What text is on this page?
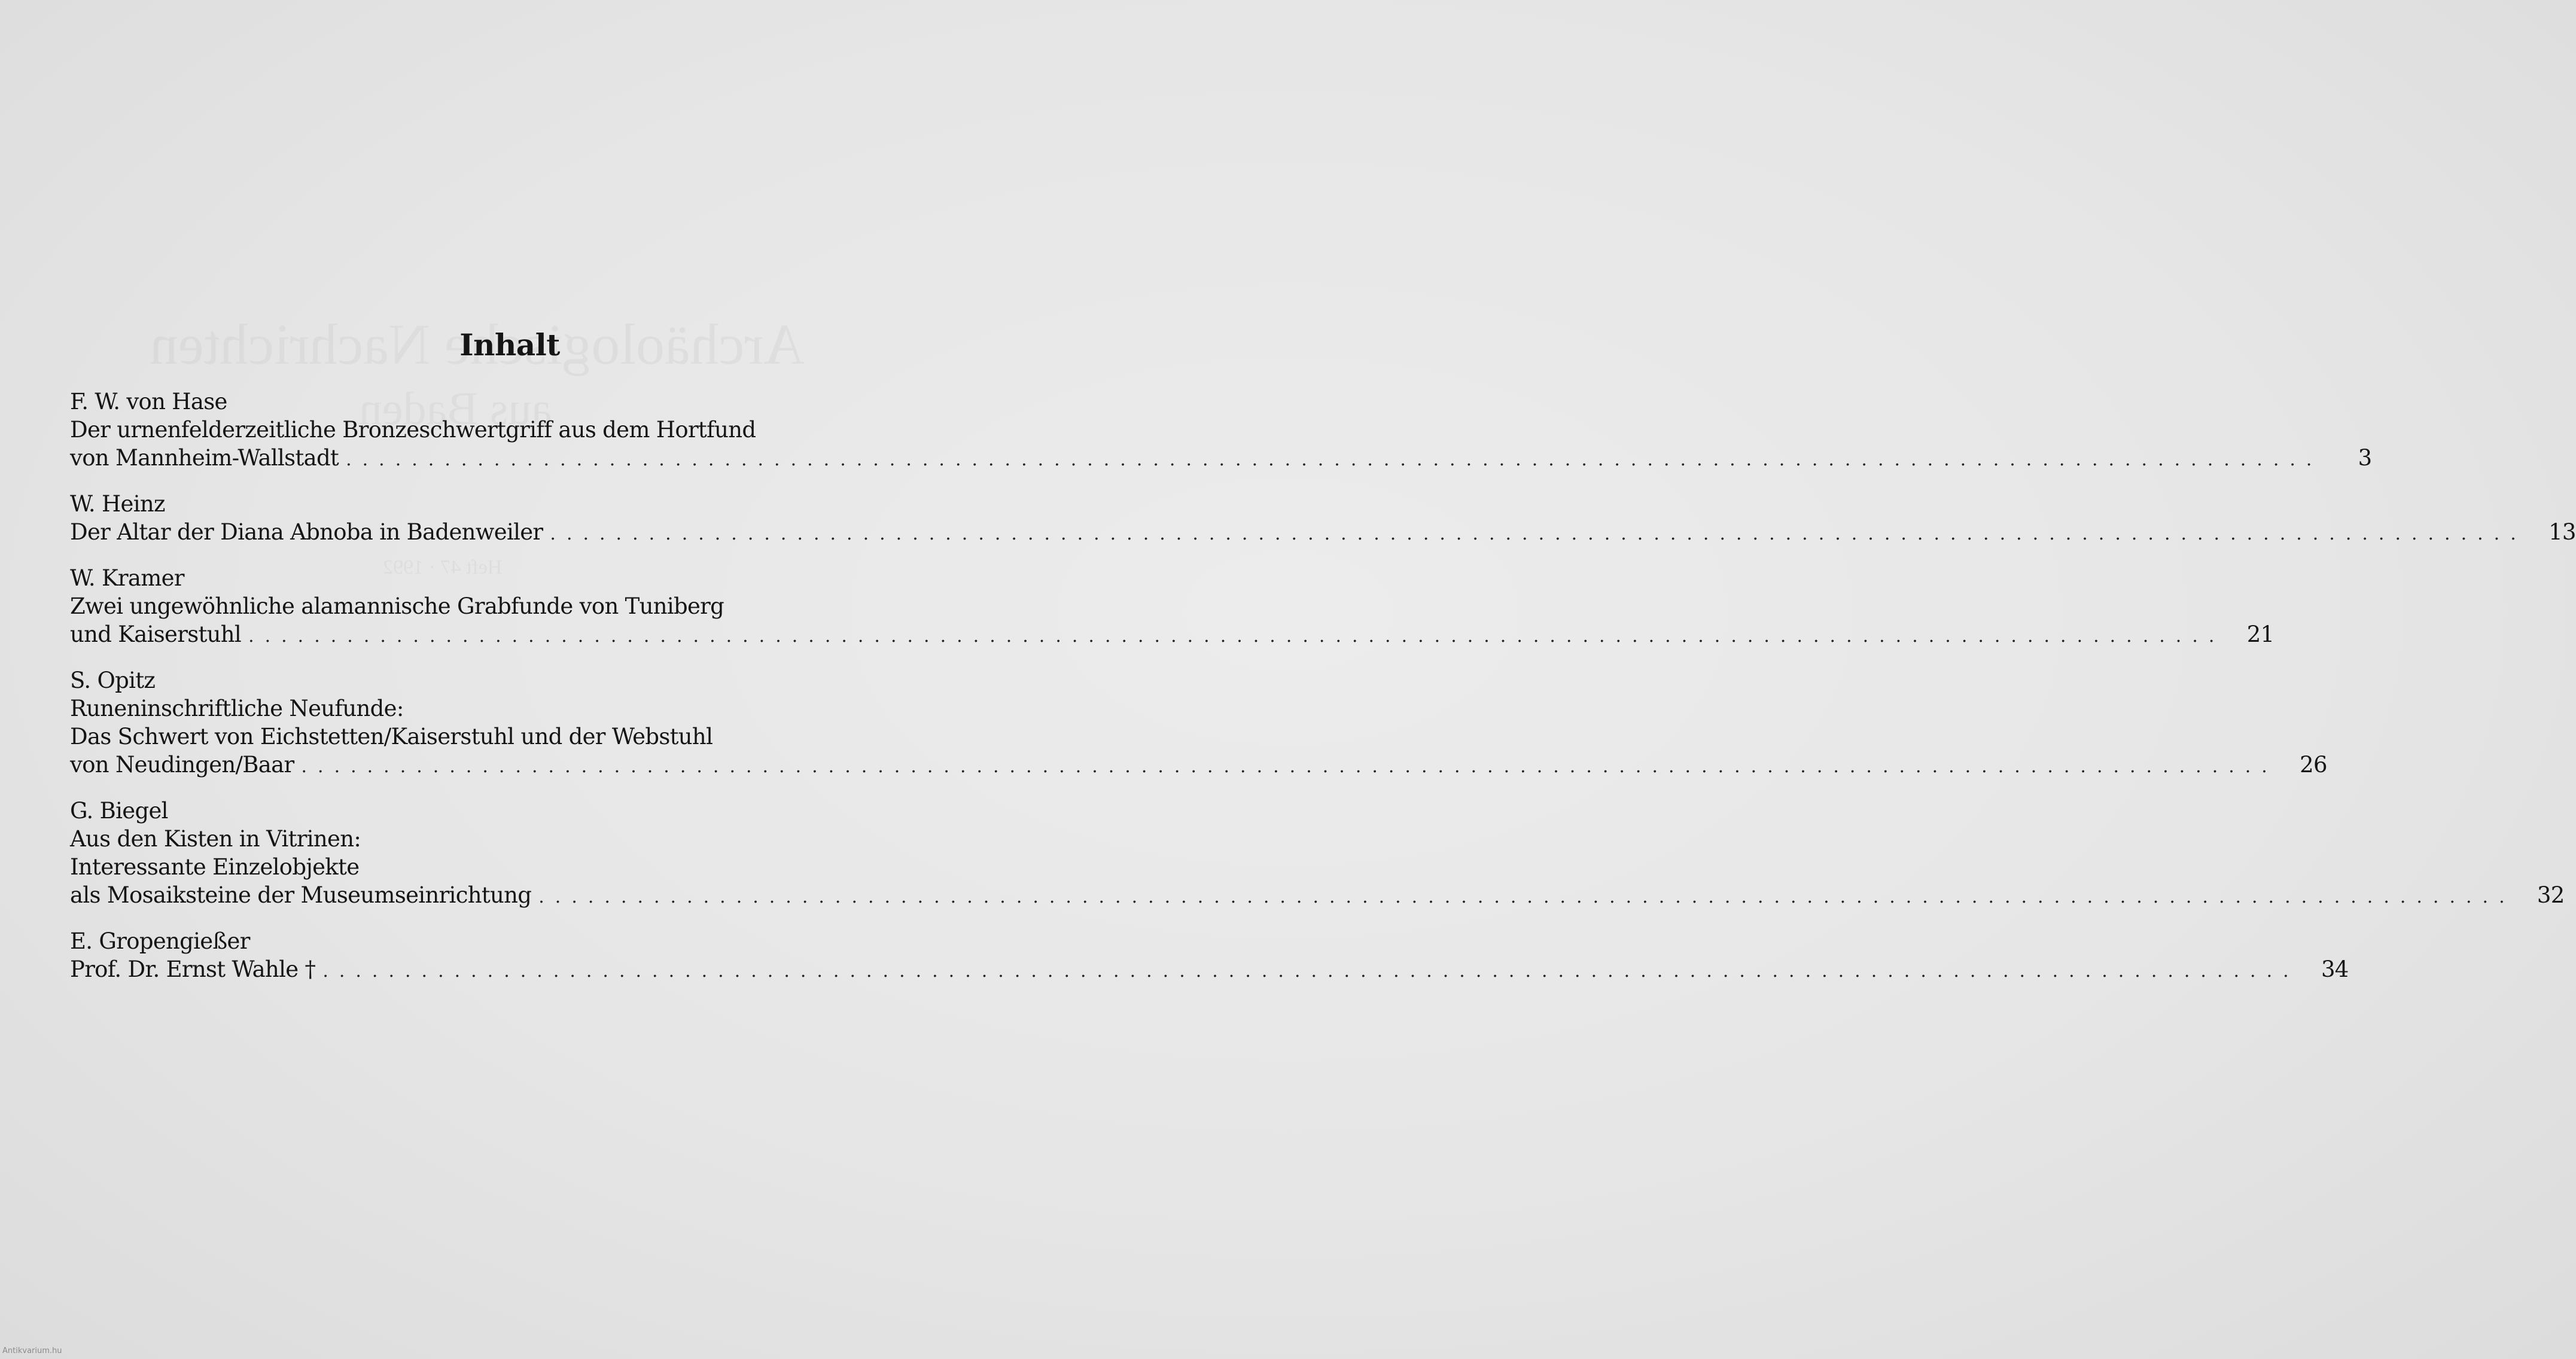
Inhalt
F. W. von Hase
Der urnenfelderzeitliche Bronzeschwertgriff aus dem Hortfund
von Mannheim-Wallstadt ........................................................................................................................	3
W. Heinz
Der Altar der Diana Abnoba in Badenweiler ........................................................................................................................ 13
W. Kramer
Zwei ungewöhnliche alamannische Grabfunde von Tuniberg
und Kaiserstuhl ........................................................................................................................ 21
S. Opitz
Runeninschriftliche Neufunde:
Das Schwert von Eichstetten/Kaiserstuhl und der Webstuhl
von Neudingen/Baar ........................................................................................................................ 26
G. Biegel
Aus den Kisten in Vitrinen:
Interessante Einzelobjekte
als Mosaiksteine der Museumseinrichtung ........................................................................................................................ 32
E. Gropengießer
Prof. Dr. Ernst Wahle † ........................................................................................................................ 34
Antikvarium.hu
